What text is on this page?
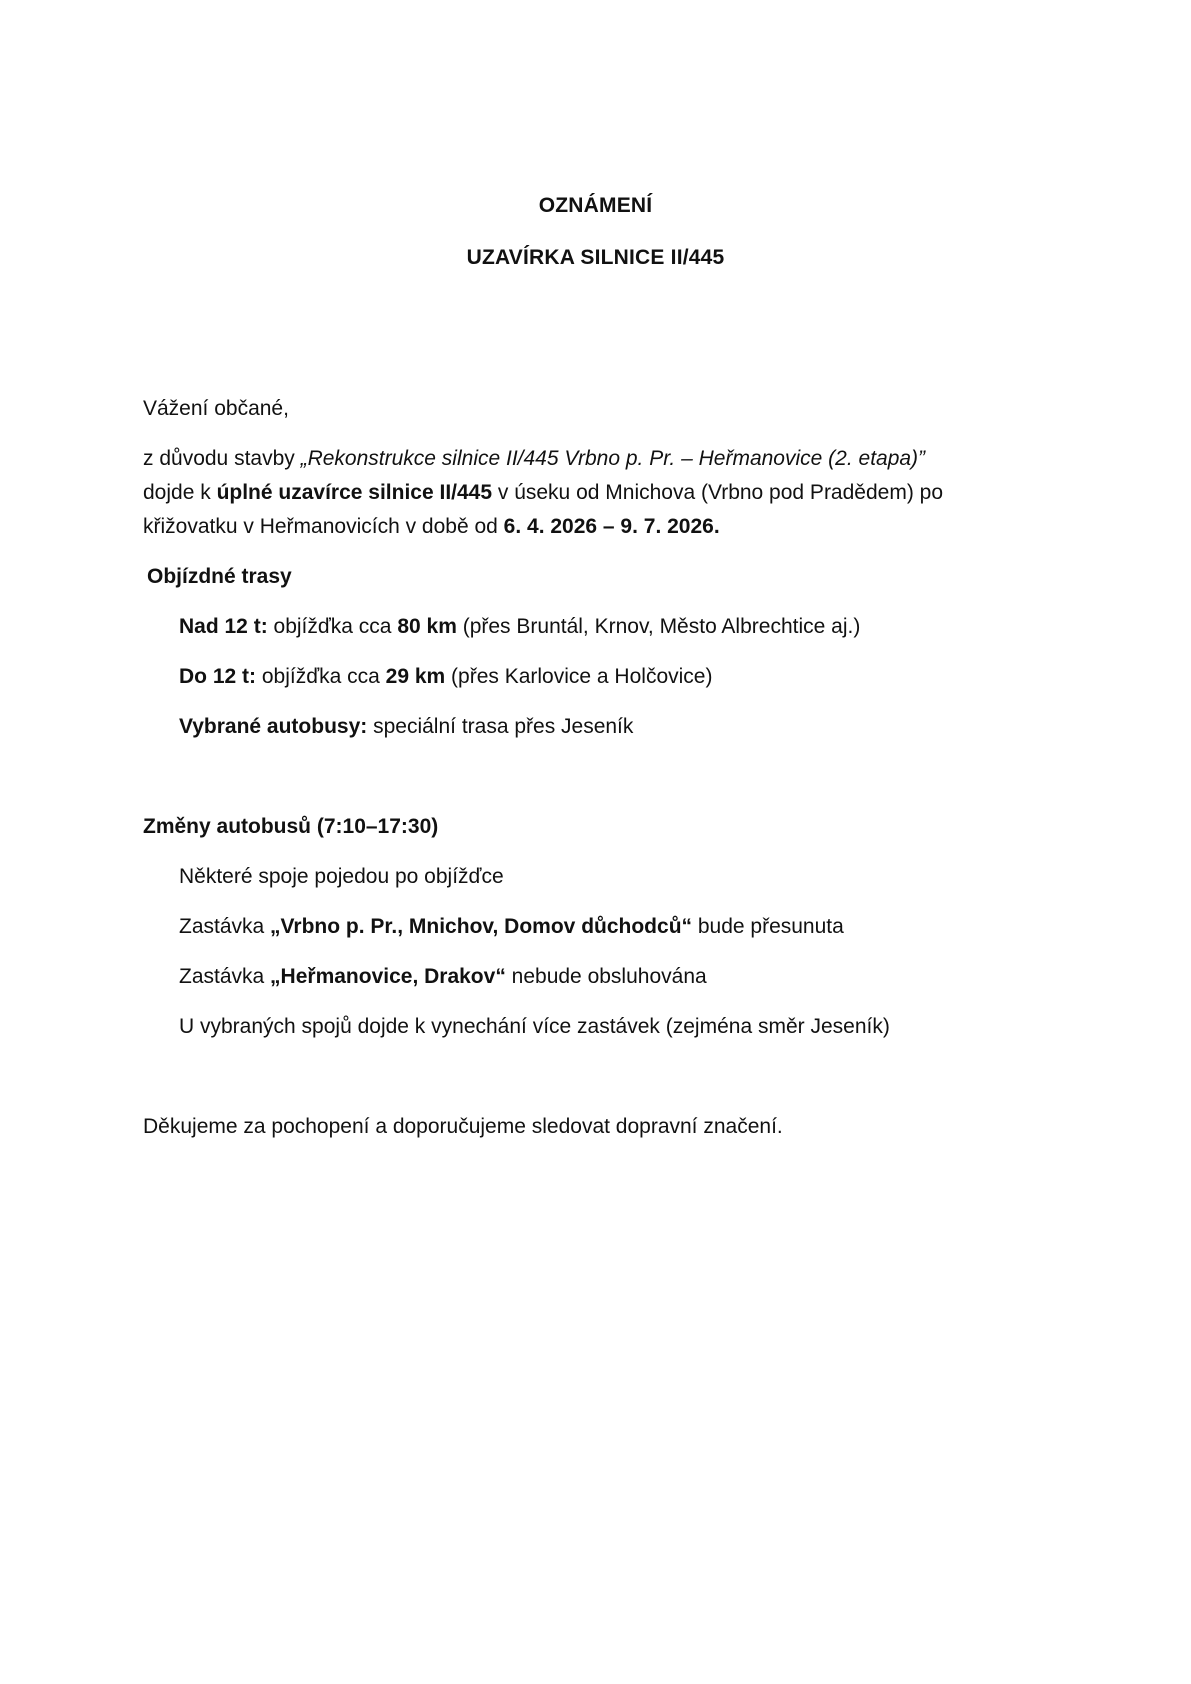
OZNÁMENÍ
UZAVÍRKA SILNICE II/445
Vážení občané,
z důvodu stavby „Rekonstrukce silnice II/445 Vrbno p. Pr. – Heřmanovice (2. etapa)”
dojde k úplné uzavírce silnice II/445 v úseku od Mnichova (Vrbno pod Pradědem) po
křižovatku v Heřmanovicích v době od 6. 4. 2026 – 9. 7. 2026.
Objízdné trasy
Nad 12 t: objížďka cca 80 km (přes Bruntál, Krnov, Město Albrechtice aj.)
Do 12 t: objížďka cca 29 km (přes Karlovice a Holčovice)
Vybrané autobusy: speciální trasa přes Jeseník
Změny autobusů (7:10–17:30)
Některé spoje pojedou po objížďce
Zastávka „Vrbno p. Pr., Mnichov, Domov důchodců“ bude přesunuta
Zastávka „Heřmanovice, Drakov“ nebude obsluhována
U vybraných spojů dojde k vynechání více zastávek (zejména směr Jeseník)
Děkujeme za pochopení a doporučujeme sledovat dopravní značení.
